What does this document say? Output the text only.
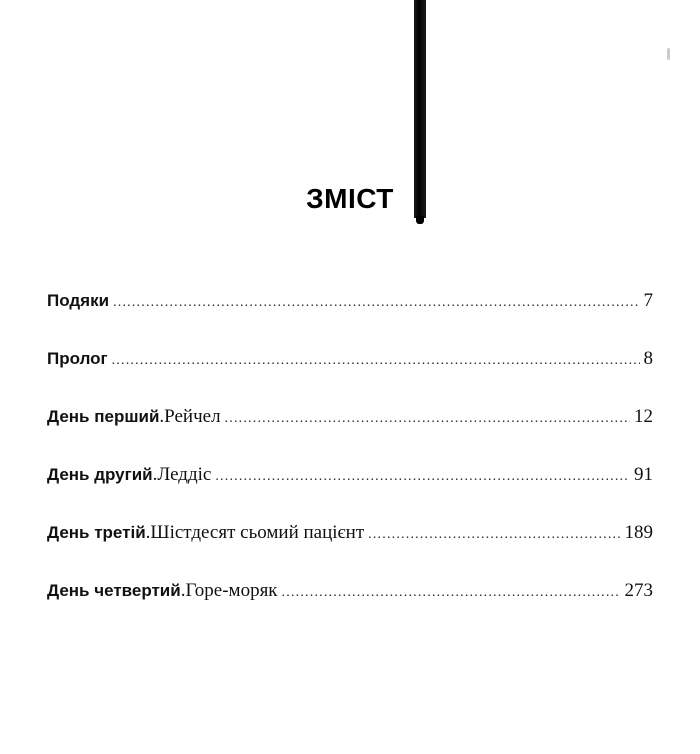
ЗМІСТ
Подяки .....	7
Пролог .....	8
День перший . Рейчел .....	12
День другий . Леддіс .....	91
День третій . Шістдесят сьомий пацієнт .....	189
День четвертий . Горе-моряк .....	273
